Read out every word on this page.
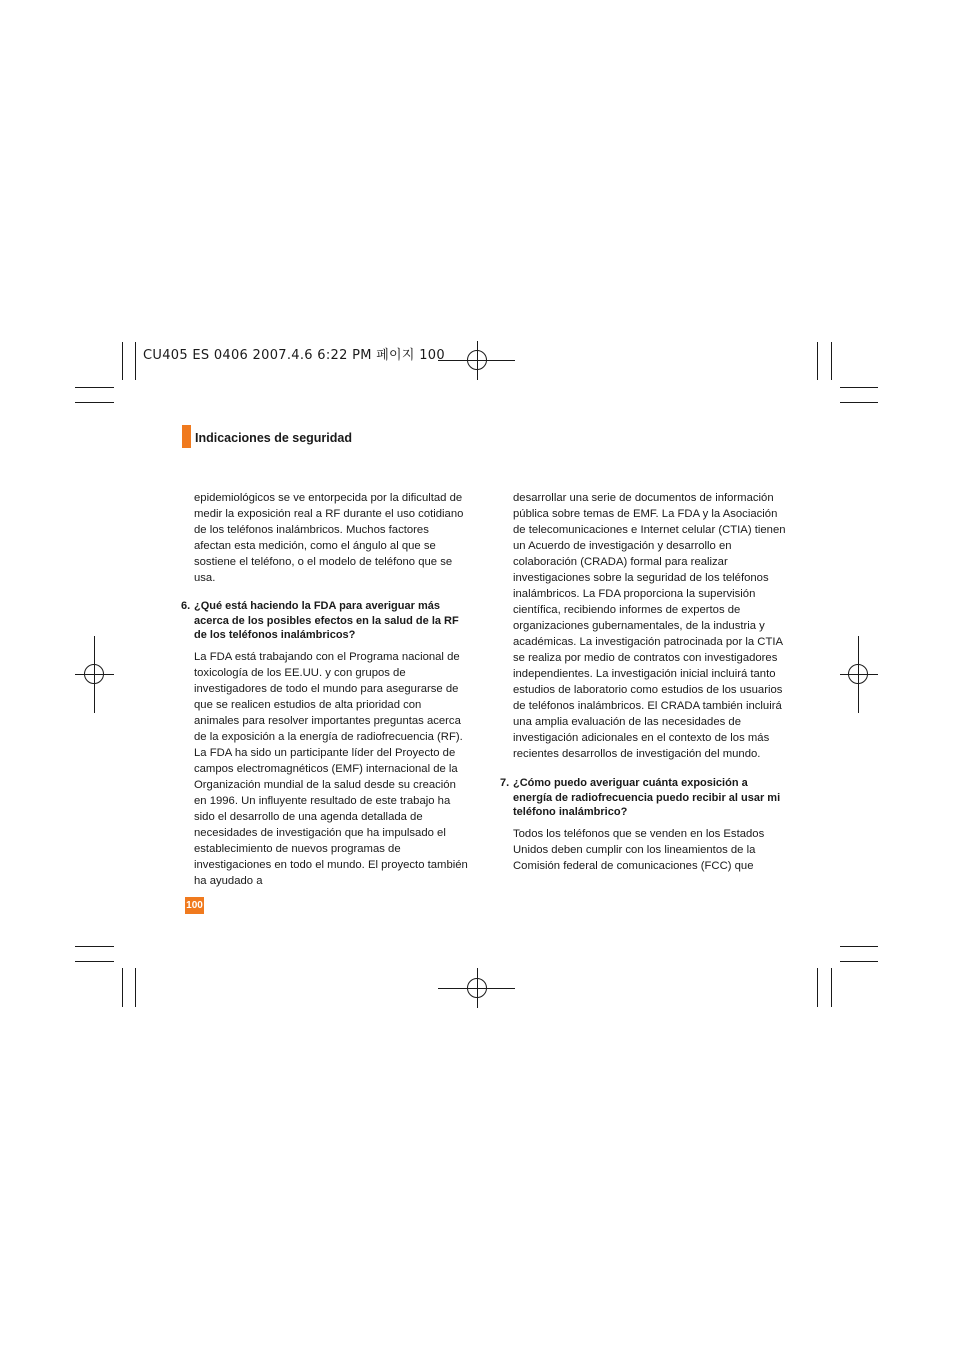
CU405 ES 0406 2007.4.6 6:22 PM 페이지 100
Indicaciones de seguridad

epidemiológicos se ve entorpecida por la dificultad de medir la exposición real a RF durante el uso cotidiano de los teléfonos inalámbricos. Muchos factores afectan esta medición, como el ángulo al que se sostiene el teléfono, o el modelo de teléfono que se usa.

6. ¿Qué está haciendo la FDA para averiguar más acerca de los posibles efectos en la salud de la RF de los teléfonos inalámbricos?

La FDA está trabajando con el Programa nacional de toxicología de los EE.UU. y con grupos de investigadores de todo el mundo para asegurarse de que se realicen estudios de alta prioridad con animales para resolver importantes preguntas acerca de la exposición a la energía de radiofrecuencia (RF). La FDA ha sido un participante líder del Proyecto de campos electromagnéticos (EMF) internacional de la Organización mundial de la salud desde su creación en 1996. Un influyente resultado de este trabajo ha sido el desarrollo de una agenda detallada de necesidades de investigación que ha impulsado el establecimiento de nuevos programas de investigaciones en todo el mundo. El proyecto también ha ayudado a

desarrollar una serie de documentos de información pública sobre temas de EMF. La FDA y la Asociación de telecomunicaciones e Internet celular (CTIA) tienen un Acuerdo de investigación y desarrollo en colaboración (CRADA) formal para realizar investigaciones sobre la seguridad de los teléfonos inalámbricos. La FDA proporciona la supervisión científica, recibiendo informes de expertos de organizaciones gubernamentales, de la industria y académicas. La investigación patrocinada por la CTIA se realiza por medio de contratos con investigadores independientes. La investigación inicial incluirá tanto estudios de laboratorio como estudios de los usuarios de teléfonos inalámbricos. El CRADA también incluirá una amplia evaluación de las necesidades de investigación adicionales en el contexto de los más recientes desarrollos de investigación del mundo.

7. ¿Cómo puedo averiguar cuánta exposición a energía de radiofrecuencia puedo recibir al usar mi teléfono inalámbrico?

Todos los teléfonos que se venden en los Estados Unidos deben cumplir con los lineamientos de la Comisión federal de comunicaciones (FCC) que

100
